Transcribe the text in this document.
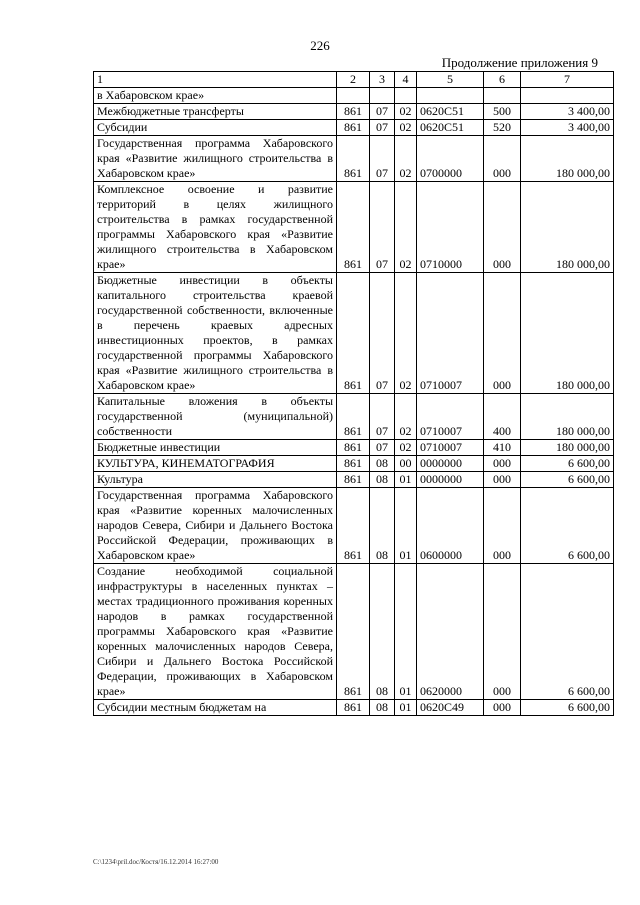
226
Продолжение приложения 9
1	2	3	4	5	6	7
в Хабаровском крае»						
Межбюджетные трансферты	861	07	02	0620С51	500	3 400,00
Субсидии	861	07	02	0620С51	520	3 400,00
Государственная программа Хабаровского края «Развитие жилищного строительства в Хабаровском крае»	861	07	02	0700000	000	180 000,00
Комплексное освоение и развитие территорий в целях жилищного строительства в рамках государственной программы Хабаровского края «Развитие жилищного строительства в Хабаровском крае»	861	07	02	0710000	000	180 000,00
Бюджетные инвестиции в объекты капитального строительства краевой государственной собственности, включенные в перечень краевых адресных инвестиционных проектов, в рамках государственной программы Хабаровского края «Развитие жилищного строительства в Хабаровском крае»	861	07	02	0710007	000	180 000,00
Капитальные вложения в объекты государственной (муниципальной) собственности	861	07	02	0710007	400	180 000,00
Бюджетные инвестиции	861	07	02	0710007	410	180 000,00
КУЛЬТУРА, КИНЕМАТОГРАФИЯ	861	08	00	0000000	000	6 600,00
Культура	861	08	01	0000000	000	6 600,00
Государственная программа Хабаровского края «Развитие коренных малочисленных народов Севера, Сибири и Дальнего Востока Российской Федерации, проживающих в Хабаровском крае»	861	08	01	0600000	000	6 600,00
Создание необходимой социальной инфраструктуры в населенных пунктах – местах традиционного проживания коренных народов в рамках государственной программы Хабаровского края «Развитие коренных малочисленных народов Севера, Сибири и Дальнего Востока Российской Федерации, проживающих в Хабаровском крае»	861	08	01	0620000	000	6 600,00
Субсидии местным бюджетам на	861	08	01	0620С49	000	6 600,00
C:\1234\pril.doc/Костя/16.12.2014 16:27:00
